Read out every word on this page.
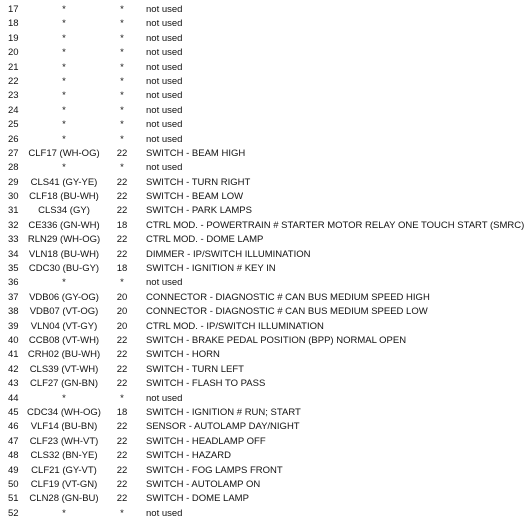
17	*	*	not used
18	*	*	not used
19	*	*	not used
20	*	*	not used
21	*	*	not used
22	*	*	not used
23	*	*	not used
24	*	*	not used
25	*	*	not used
26	*	*	not used
27	CLF17 (WH-OG)	22	SWITCH - BEAM HIGH
28	*	*	not used
29	CLS41 (GY-YE)	22	SWITCH - TURN RIGHT
30	CLF18 (BU-WH)	22	SWITCH - BEAM LOW
31	CLS34 (GY)	22	SWITCH - PARK LAMPS
32	CE336 (GN-WH)	18	CTRL MOD. - POWERTRAIN # STARTER MOTOR RELAY ONE TOUCH START (SMRC)
33 RLN29 (WH-OG)	22	CTRL MOD. - DOME LAMP
34	VLN18 (BU-WH)	22	DIMMER - IP/SWITCH ILLUMINATION
35	CDC30 (BU-GY)	18	SWITCH - IGNITION # KEY IN
36	*	*	not used
37	VDB06 (GY-OG)	20	CONNECTOR - DIAGNOSTIC # CAN BUS MEDIUM SPEED HIGH
38	VDB07 (VT-OG)	20	CONNECTOR - DIAGNOSTIC # CAN BUS MEDIUM SPEED LOW
39	VLN04 (VT-GY)	20	CTRL MOD. - IP/SWITCH ILLUMINATION
40	CCB08 (VT-WH)	22	SWITCH - BRAKE PEDAL POSITION (BPP) NORMAL OPEN
41 CRH02 (BU-WH)	22	SWITCH - HORN
42	CLS39 (VT-WH)	22	SWITCH - TURN LEFT
43	CLF27 (GN-BN)	22	SWITCH - FLASH TO PASS
44	*	*	not used
45 CDC34 (WH-OG)	18	SWITCH - IGNITION # RUN; START
46	VLF14 (BU-BN)	22	SENSOR - AUTOLAMP DAY/NIGHT
47	CLF23 (WH-VT)	22	SWITCH - HEADLAMP OFF
48	CLS32 (BN-YE)	22	SWITCH - HAZARD
49	CLF21 (GY-VT)	22	SWITCH - FOG LAMPS FRONT
50	CLF19 (VT-GN)	22	SWITCH - AUTOLAMP ON
51	CLN28 (GN-BU)	22	SWITCH - DOME LAMP
52	*	*	not used
